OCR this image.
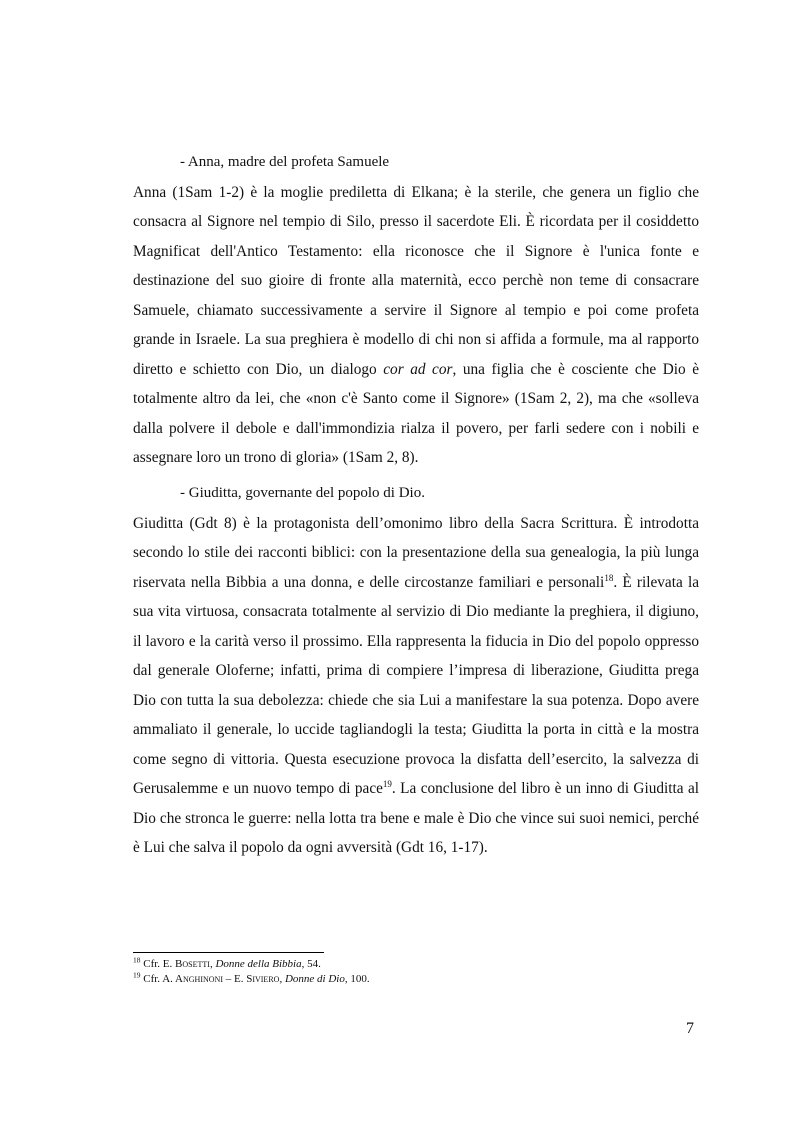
- Anna, madre del profeta Samuele

Anna (1Sam 1-2) è la moglie prediletta di Elkana; è la sterile, che genera un figlio che consacra al Signore nel tempio di Silo, presso il sacerdote Eli. È ricordata per il cosiddetto Magnificat dell'Antico Testamento: ella riconosce che il Signore è l'unica fonte e destinazione del suo gioire di fronte alla maternità, ecco perchè non teme di consacrare Samuele, chiamato successivamente a servire il Signore al tempio e poi come profeta grande in Israele. La sua preghiera è modello di chi non si affida a formule, ma al rapporto diretto e schietto con Dio, un dialogo cor ad cor, una figlia che è cosciente che Dio è totalmente altro da lei, che «non c'è Santo come il Signore» (1Sam 2, 2), ma che «solleva dalla polvere il debole e dall'immondizia rialza il povero, per farli sedere con i nobili e assegnare loro un trono di gloria» (1Sam 2, 8).

- Giuditta, governante del popolo di Dio.

Giuditta (Gdt 8) è la protagonista dell’omonimo libro della Sacra Scrittura. È introdotta secondo lo stile dei racconti biblici: con la presentazione della sua genealogia, la più lunga riservata nella Bibbia a una donna, e delle circostanze familiari e personali$^{18}$. È rilevata la sua vita virtuosa, consacrata totalmente al servizio di Dio mediante la preghiera, il digiuno, il lavoro e la carità verso il prossimo. Ella rappresenta la fiducia in Dio del popolo oppresso dal generale Oloferne; infatti, prima di compiere l’impresa di liberazione, Giuditta prega Dio con tutta la sua debolezza: chiede che sia Lui a manifestare la sua potenza. Dopo avere ammaliato il generale, lo uccide tagliandogli la testa; Giuditta la porta in città e la mostra come segno di vittoria. Questa esecuzione provoca la disfatta dell’esercito, la salvezza di Gerusalemme e un nuovo tempo di pace$^{19}$. La conclusione del libro è un inno di Giuditta al Dio che stronca le guerre: nella lotta tra bene e male è Dio che vince sui suoi nemici, perché è Lui che salva il popolo da ogni avversità (Gdt 16, 1-17).

$^{18}$ Cfr. E. Bosetti, Donne della Bibbia, 54.
$^{19}$ Cfr. A. Anghinoni – E. Siviero, Donne di Dio, 100.
7
